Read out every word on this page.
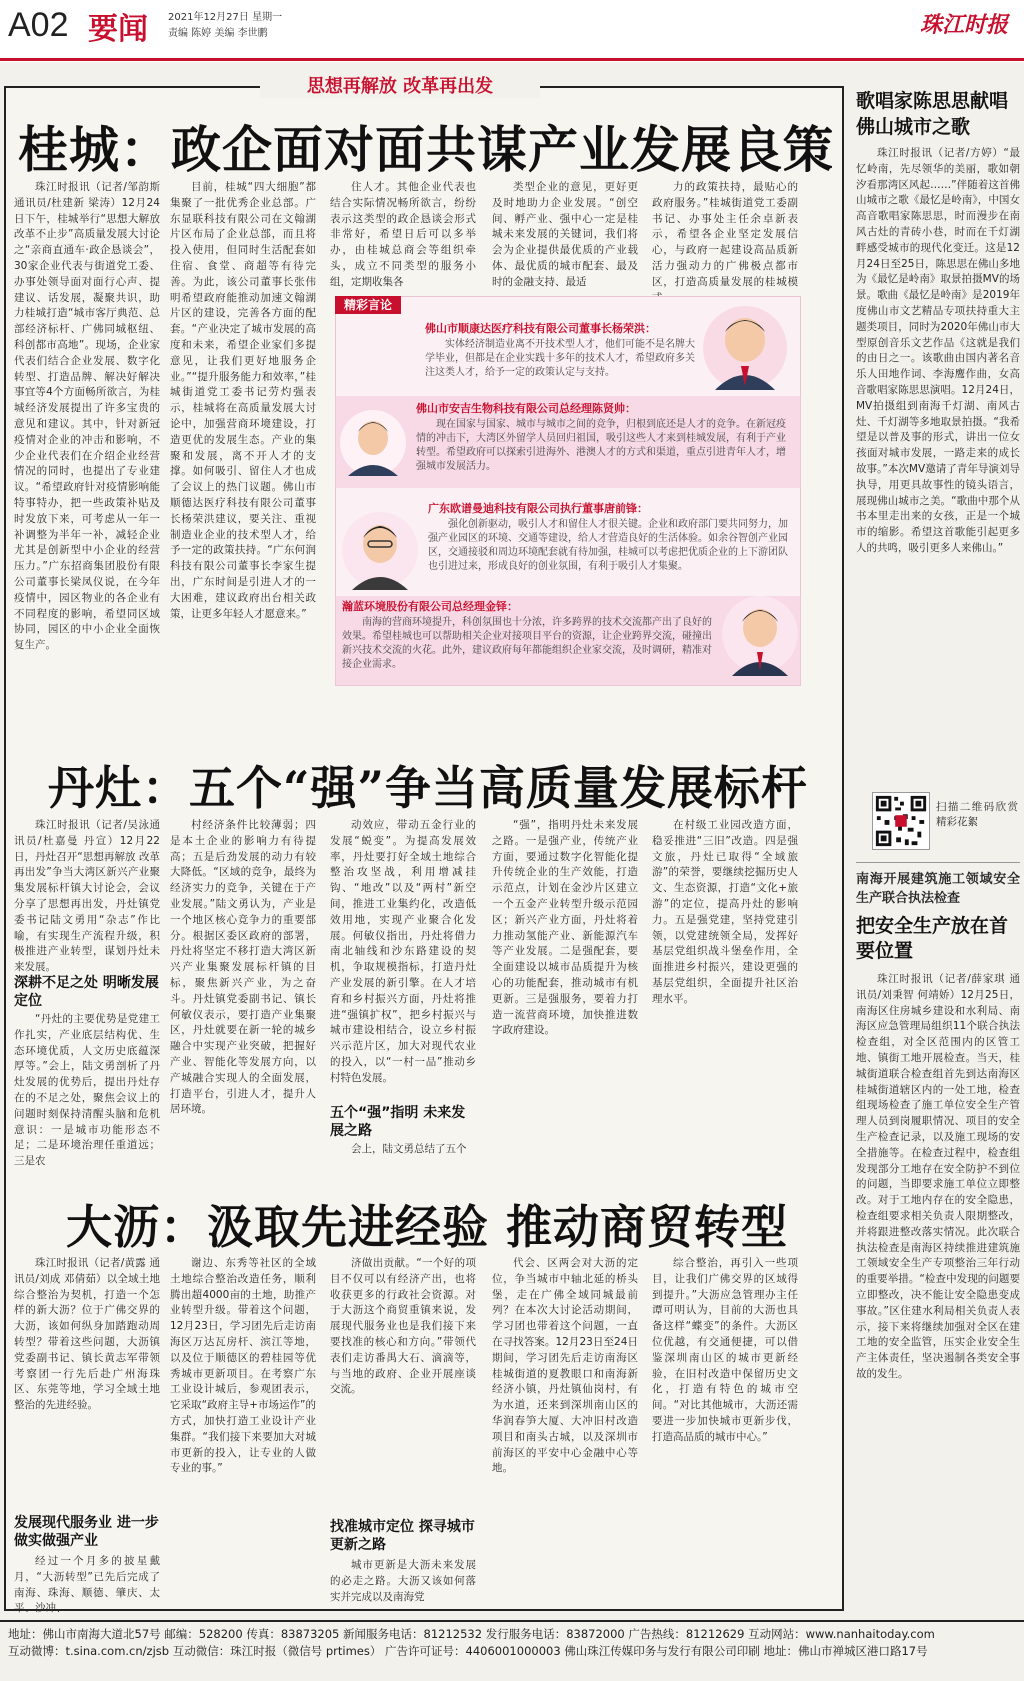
A02 要闻 2021年12月27日 星期一
责编 陈婷 美编 李世鹏	珠江时报
思想再解放 改革再出发
桂城：政企面对面共谋产业发展良策

珠江时报讯（记者/邹韵斯 通讯员/杜建新 梁涛）12月24日下午，桂城举行“思想大解放 改革不止步”高质量发展大讨论之“亲商直通车·政企恳谈会”，30家企业代表与街道党工委、办事处领导面对面行心声、提建议、话发展，凝聚共识，助力桂城打造“城市客厅典范、总部经济标杆、广佛同城枢纽、科创都市高地”。现场，企业家代表们结合企业发展、数字化转型、打造品牌、解决好解决事宜等4个方面畅所欲言，为桂城经济发展提出了许多宝贵的意见和建议。其中，针对新冠疫情对企业的冲击和影响，不少企业代表们在介绍企业经营情况的同时，也提出了专业建议。“希望政府针对疫情影响能特事特办，把一些政策补贴及时发放下来，可考虑从一年一补调整为半年一补，减轻企业尤其是创新型中小企业的经营压力。”广东招商集团股份有限公司董事长梁凤仪说，在今年疫情中，园区物业的各企业有不同程度的影响，希望同区域协同，园区的中小企业全面恢复生产。

目前，桂城“四大细胞”都集聚了一批优秀企业总部。广东显联科技有限公司在文翰湖片区布局了企业总部，而且将投入使用，但同时生活配套如住宿、食堂、商超等有待完善。为此，该公司董事长张伟明希望政府能推动加速文翰湖片区的建设，完善各方面的配套。“产业决定了城市发展的高度和未来，希望企业家们多提意见，让我们更好地服务企业。”“提升服务能力和效率，”桂城街道党工委书记劳灼强表示，桂城将在高质量发展大讨论中，加强营商环境建设，打造更优的发展生态。产业的集聚和发展，离不开人才的支撑。如何吸引、留住人才也成了会议上的热门议题。佛山市顺德达医疗科技有限公司董事长杨荣洪建议，要关注、重视制造业企业的技术型人才，给予一定的政策扶持。“广东何润科技有限公司董事长李家生提出，广东时间是引进人才的一大困难，建议政府出台相关政策，让更多年轻人才愿意来。”

住人才。其他企业代表也结合实际情况畅所欲言，纷纷表示这类型的政企恳谈会形式非常好，希望日后可以多举办，由桂城总商会等组织牵头，成立不同类型的服务小组，定期收集各

类型企业的意见，更好更及时地助力企业发展。“创空间、孵产业、强中心一定是桂城未来发展的关键词，我们将会为企业提供最优质的产业载体、最优质的城市配套、最及时的金融支持、最适

力的政策扶持，最贴心的政府服务。”桂城街道党工委副书记、办事处主任余卓新表示，希望各企业坚定发展信心，与政府一起建设高品质新活力强动力的广佛极点都市区，打造高质量发展的桂城模

精彩言论
佛山市顺康达医疗科技有限公司董事长杨荣洪：
实体经济制造业离不开技术型人才，他们可能不是名牌大学毕业，但都是在企业实践十多年的技术人才，希望政府多关注这类人才，给予一定的政策认定与支持。
佛山市安吉生物科技有限公司总经理陈贤帅：
现在国家与国家、城市与城市之间的竞争，归根到底还是人才的竞争。在新冠疫情的冲击下，大湾区外留学人员回归祖国，吸引这些人才来到桂城发展，有利于产业转型。希望政府可以探索引进海外、港澳人才的方式和渠道，重点引进青年人才，增强城市发展活力。
广东欧谱曼迪科技有限公司执行董事唐前锋：
强化创新驱动，吸引人才和留住人才很关键。企业和政府部门要共同努力，加强产业园区的环境、交通等建设，给人才营造良好的生活体验。如余谷智创产业园区，交通接驳和周边环境配套就有待加强，桂城可以考虑把优质企业的上下游团队也引进过来，形成良好的创业氛围，有利于吸引人才集聚。
瀚蓝环境股份有限公司总经理金铎：
南海的营商环境提升，科创氛围也十分浓，许多跨界的技术交流都产出了良好的效果。希望桂城也可以帮助相关企业对接项目平台的资源，让企业跨界交流，碰撞出新兴技术交流的火花。此外，建议政府每年都能组织企业家交流，及时调研，精准对接企业需求。
丹灶：五个“强”争当高质量发展标杆

珠江时报讯（记者/吴泳通讯员/杜嘉曼 丹宣）12月22日，丹灶召开“思想再解放 改革再出发”争当大湾区新兴产业聚集发展标杆镇大讨论会，会议分享了思想再出发，丹灶镇党委书记陆文勇用“杂志”作比喻，有实现生产流程升级，积极推进产业转型，谋划丹灶未来发展。

深耕不足之处 明晰发展定位

“丹灶的主要优势是党建工作扎实，产业底层结构优、生态环境优质，人文历史底蕴深厚等。”会上，陆文勇剖析了丹灶发展的优势后，提出丹灶存在的不足之处，聚焦会议上的问题时刻保持清醒头脑和危机意识：一是城市功能形态不足；二是环境治理任重道远；三是农

村经济条件比较薄弱；四是本土企业的影响力有待提高；五是后劲发展的动力有较大降低。“区域的竞争，最终为经济实力的竞争，关键在于产业发展。”陆文勇认为，产业是一个地区核心竞争力的重要部分。根据区委区政府的部署，丹灶将坚定不移打造大湾区新兴产业集聚发展标杆镇的目标，聚焦新兴产业，为之奋斗。丹灶镇党委副书记、镇长何敏仪表示，要打造产业集聚区，丹灶就要在新一轮的城乡融合中实现产业突破，把握好产业、智能化等发展方向，以产城融合实现人的全面发展，打造平台，引进人才，提升人居环境。

动效应，带动五金行业的发展“蜕变”。为提高发展效率，丹灶要打好全域土地综合整治攻坚战，利用增减挂钩、“地改”以及“两村”新空间，推进工业集约化，改造低效用地，实现产业聚合化发展。何敏仪指出，丹灶将借力南北轴线和沙东路建设的契机，争取规模指标，打造丹灶产业发展的新引擎。在人才培育和乡村振兴方面，丹灶将推进“强镇扩权”，把乡村振兴与城市建设相结合，设立乡村振兴示范片区，加大对现代农业的投入，以“一村一品”推动乡村特色发展。

五个“强”指明 未来发展之路

会上，陆文勇总结了五个

“强”，指明丹灶未来发展之路。一是强产业，传统产业方面，要通过数字化智能化提升传统企业的生产效能，打造示范点，计划在金沙片区建立一个五金产业转型升级示范园区；新兴产业方面，丹灶将着力推动氢能产业、新能源汽车等产业发展。二是强配套，要全面建设以城市品质提升为核心的功能配套，推动城市有机更新。三是强服务，要着力打造一流营商环境，加快推进数字政府建设。

在村级工业园改造方面，稳妥推进“三旧”改造。四是强文旅，丹灶已取得“全域旅游”的荣誉，要继续挖掘历史人文、生态资源，打造“文化+旅游”的定位，提高丹灶的影响力。五是强党建，坚持党建引领，以党建统领全局，发挥好基层党组织战斗堡垒作用，全面推进乡村振兴，建设更强的基层党组织，全面提升社区治理水平。

大沥：汲取先进经验 推动商贸转型

珠江时报讯（记者/黄露 通讯员/刘成 邓倩茹）以全域土地综合整治为契机，打造一个怎样的新大沥？位于广佛交界的大沥，该如何纵身加踏跑动周转型？带着这些问题，大沥镇党委副书记、镇长黄志军带领考察团一行先后赴广州海珠区、东莞等地，学习全域土地整治的先进经验。

发展现代服务业 进一步做实做强产业

经过一个月多的披星戴月，“大沥转型”已先后完成了南海、珠海、顺德、肇庆、太平、沙冲、

谢边、东秀等社区的全域土地综合整治改造任务，顺利腾出超4000亩的土地，助推产业转型升级。带着这个问题，12月23日，学习团先后走访南海区万达瓦房杆、滨江等地，以及位于顺德区的碧桂园等优秀城市更新项目。在考察广东工业设计城后，参观团表示，它采取“政府主导+市场运作”的方式，加快打造工业设计产业集群。“我们接下来要加大对城市更新的投入，让专业的人做专业的事。”

济做出贡献。“一个好的项目不仅可以有经济产出，也将收获更多的行政社会资源。对于大沥这个商贸重镇来说，发展现代服务业也是我们接下来要找准的核心和方向。”带领代表们走访番禺大石、滴滴等，与当地的政府、企业开展座谈交流。

找准城市定位 探寻城市更新之路

城市更新是大沥未来发展的必走之路。大沥又该如何落实并完成以及南海党

代会、区两会对大沥的定位，争当城市中轴北延的桥头堡，走在广佛全域同城最前列？在本次大讨论活动期间，学习团也带着这个问题，一直在寻找答案。12月23日至24日期间，学习团先后走访南海区桂城街道的夏教眼口和南海新经济小镇，丹灶镇仙岗村，有为水道，还来到深圳南山区的华润春笋大厦、大冲旧村改造项目和南头古城，以及深圳市前海区的平安中心金融中心等地。

综合整治，再引入一些项目，让我们广佛交界的区域得到提升。”大沥应急管理办主任谭可明认为，目前的大沥也具备这样“蝶变”的条件。大沥区位优越，有交通便捷，可以借鉴深圳南山区的城市更新经验，在旧村改造中保留历史文化，打造有特色的城市空间。“对比其他城市，大沥还需要进一步加快城市更新步伐，打造高品质的城市中心。”

歌唱家陈思思献唱佛山城市之歌

珠江时报讯（记者/方婷）“最忆岭南，先尽领华的美丽，歌如朝汐看那湾区风起……”伴随着这首佛山城市之歌《最忆是岭南》，中国女高音歌唱家陈思思，时而漫步在南风古灶的青砖小巷，时而在千灯湖畔感受城市的现代化变迁。这是12月24日至25日，陈思思在佛山多地为《最忆是岭南》取景拍摄MV的场景。歌曲《最忆是岭南》是2019年度佛山市文艺精品专项扶持重大主题类项目，同时为2020年佛山市大型原创音乐文艺作品《这就是我们的由日之一。该歌曲由国内著名音乐人田地作词、李海鹰作曲，女高音歌唱家陈思思演唱。12月24日，MV拍摄组到南海千灯湖、南风古灶、千灯湖等多地取景拍摄。“我希望是以普及事的形式，讲出一位女孩面对城市发展，一路走来的成长故事。”本次MV邀请了青年导演刘导执导，用更具故事性的镜头语言，展现佛山城市之美。“歌曲中那个从书本里走出来的女孩，正是一个城市的缩影。希望这首歌能引起更多人的共鸣，吸引更多人来佛山。”

扫描二维码欣赏精彩花絮
南海开展建筑施工领域安全生产联合执法检查
把安全生产放在首要位置

珠江时报讯（记者/薛家琪 通讯员/刘秉智 何靖娇）12月25日，南海区住房城乡建设和水利局、南海区应急管理局组织11个联合执法检查组，对全区范围内的区管工地、镇街工地开展检查。当天，桂城街道联合检查组首先到达南海区桂城街道辖区内的一处工地，检查组现场检查了施工单位安全生产管理人员到岗履职情况、项目的安全生产检查记录，以及施工现场的安全措施等。在检查过程中，检查组发现部分工地存在安全防护不到位的问题，当即要求施工单位立即整改。对于工地内存在的安全隐患，检查组要求相关负责人限期整改，并将跟进整改落实情况。此次联合执法检查是南海区持续推进建筑施工领域安全生产专项整治三年行动的重要举措。“检查中发现的问题要立即整改，决不能让安全隐患变成事故。”区住建水利局相关负责人表示，接下来将继续加强对全区在建工地的安全监管，压实企业安全生产主体责任，坚决遏制各类安全事故的发生。

地址：佛山市南海大道北57号 邮编：528200 传真：83873205 新闻服务电话：81212532 发行服务电话：83872000 广告热线：81212629 互动网站：www.nanhaitoday.com
互动微博：t.sina.com.cn/zjsb 互动微信：珠江时报（微信号 prtimes） 广告许可证号：4406001000003 佛山珠江传媒印务与发行有限公司印刷 地址：佛山市禅城区港口路17号
